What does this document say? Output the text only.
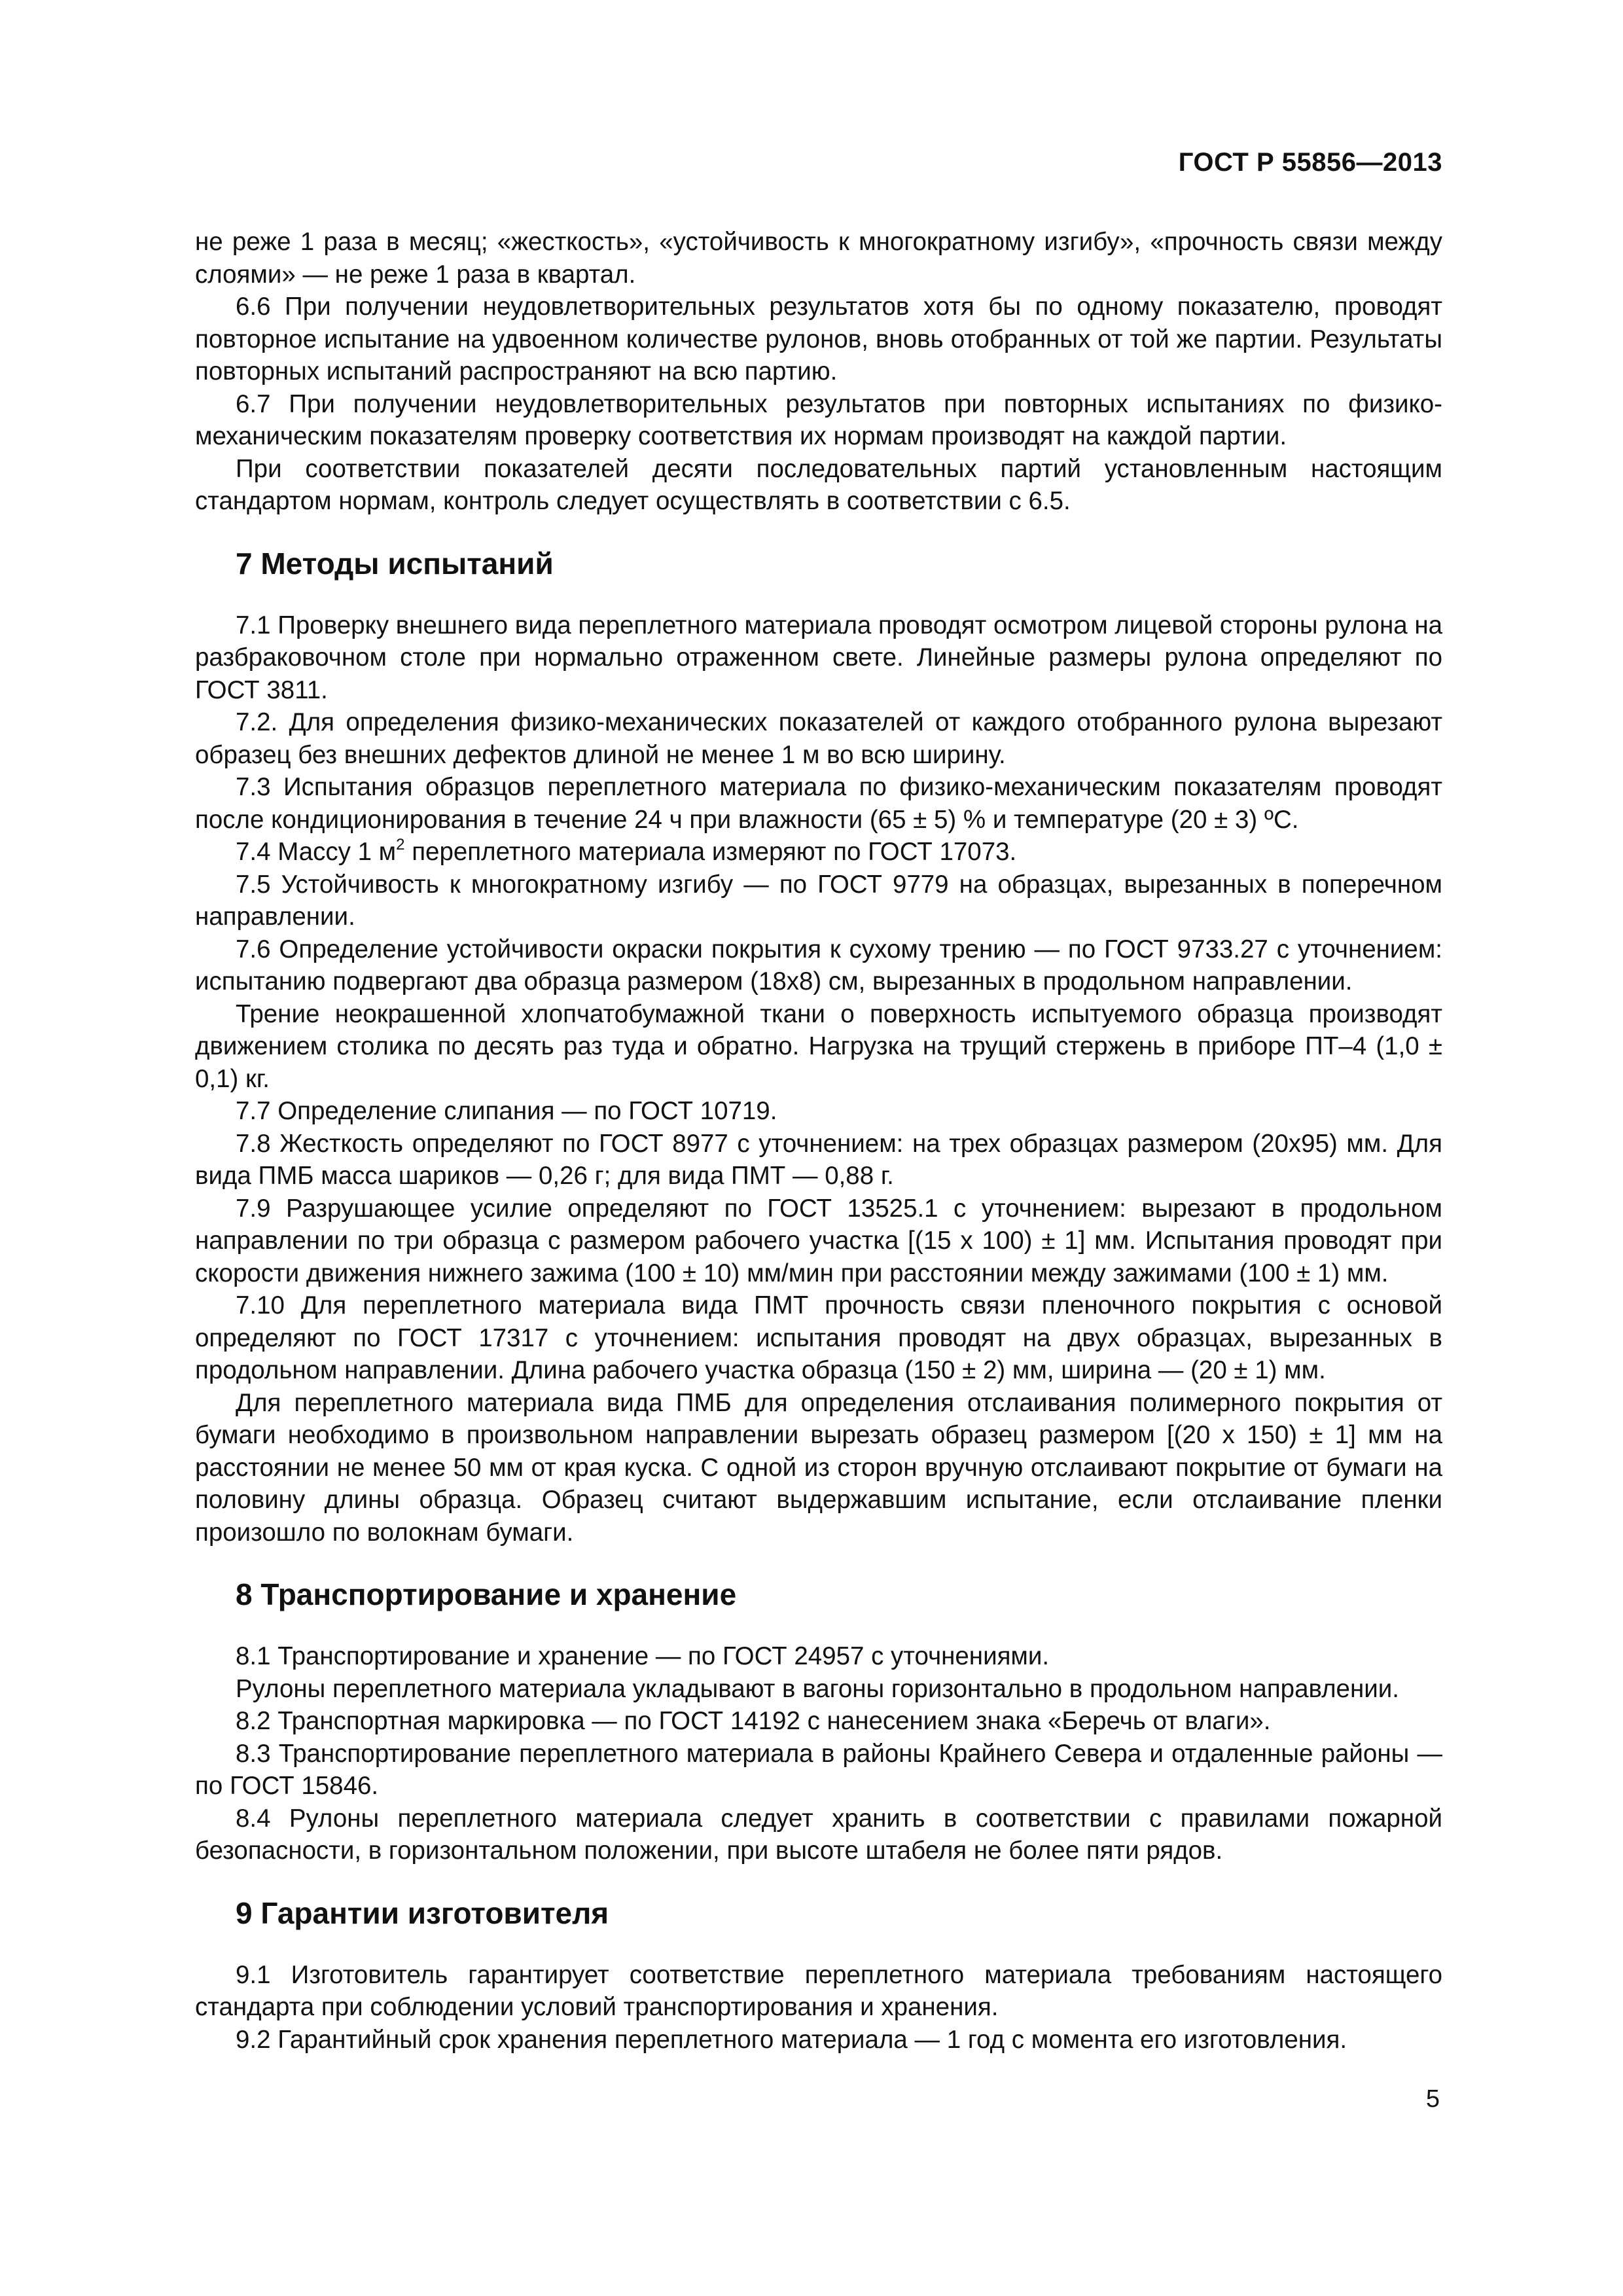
ГОСТ Р 55856—2013

не реже 1 раза в месяц; «жесткость», «устойчивость к многократному изгибу», «прочность связи между слоями» — не реже 1 раза в квартал.

6.6 При получении неудовлетворительных результатов хотя бы по одному показателю, проводят повторное испытание на удвоенном количестве рулонов, вновь отобранных от той же партии. Результаты повторных испытаний распространяют на всю партию.

6.7 При получении неудовлетворительных результатов при повторных испытаниях по физико-механическим показателям проверку соответствия их нормам производят на каждой партии.

При соответствии показателей десяти последовательных партий установленным настоящим стандартом нормам, контроль следует осуществлять в соответствии с 6.5.

7 Методы испытаний

7.1 Проверку внешнего вида переплетного материала проводят осмотром лицевой стороны рулона на разбраковочном столе при нормально отраженном свете. Линейные размеры рулона определяют по ГОСТ 3811.

7.2. Для определения физико-механических показателей от каждого отобранного рулона вырезают образец без внешних дефектов длиной не менее 1 м во всю ширину.

7.3 Испытания образцов переплетного материала по физико-механическим показателям проводят после кондиционирования в течение 24 ч при влажности (65 ± 5) % и температуре (20 ± 3) ºС.

7.4 Массу 1 $м^2$ переплетного материала измеряют по ГОСТ 17073.

7.5 Устойчивость к многократному изгибу — по ГОСТ 9779 на образцах, вырезанных в поперечном направлении.

7.6 Определение устойчивости окраски покрытия к сухому трению — по ГОСТ 9733.27 с уточнением: испытанию подвергают два образца размером (18х8) см, вырезанных в продольном направлении.

Трение неокрашенной хлопчатобумажной ткани о поверхность испытуемого образца производят движением столика по десять раз туда и обратно. Нагрузка на трущий стержень в приборе ПТ–4 (1,0 ± 0,1) кг.

7.7 Определение слипания — по ГОСТ 10719.

7.8 Жесткость определяют по ГОСТ 8977 с уточнением: на трех образцах размером (20х95) мм. Для вида ПМБ масса шариков — 0,26 г; для вида ПМТ — 0,88 г.

7.9 Разрушающее усилие определяют по ГОСТ 13525.1 с уточнением: вырезают в продольном направлении по три образца с размером рабочего участка [(15 х 100) ± 1] мм. Испытания проводят при скорости движения нижнего зажима (100 ± 10) мм/мин при расстоянии между зажимами (100 ± 1) мм.

7.10 Для переплетного материала вида ПМТ прочность связи пленочного покрытия с основой определяют по ГОСТ 17317 с уточнением: испытания проводят на двух образцах, вырезанных в продольном направлении. Длина рабочего участка образца (150 ± 2) мм, ширина — (20 ± 1) мм.

Для переплетного материала вида ПМБ для определения отслаивания полимерного покрытия от бумаги необходимо в произвольном направлении вырезать образец размером [(20 х 150) ± 1] мм на расстоянии не менее 50 мм от края куска. С одной из сторон вручную отслаивают покрытие от бумаги на половину длины образца. Образец считают выдержавшим испытание, если отслаивание пленки произошло по волокнам бумаги.

8 Транспортирование и хранение

8.1 Транспортирование и хранение — по ГОСТ 24957 с уточнениями.

Рулоны переплетного материала укладывают в вагоны горизонтально в продольном направлении.

8.2 Транспортная маркировка — по ГОСТ 14192 с нанесением знака «Беречь от влаги».

8.3 Транспортирование переплетного материала в районы Крайнего Севера и отдаленные районы — по ГОСТ 15846.

8.4 Рулоны переплетного материала следует хранить в соответствии с правилами пожарной безопасности, в горизонтальном положении, при высоте штабеля не более пяти рядов.

9 Гарантии изготовителя

9.1 Изготовитель гарантирует соответствие переплетного материала требованиям настоящего стандарта при соблюдении условий транспортирования и хранения.

9.2 Гарантийный срок хранения переплетного материала — 1 год с момента его изготовления.

5
